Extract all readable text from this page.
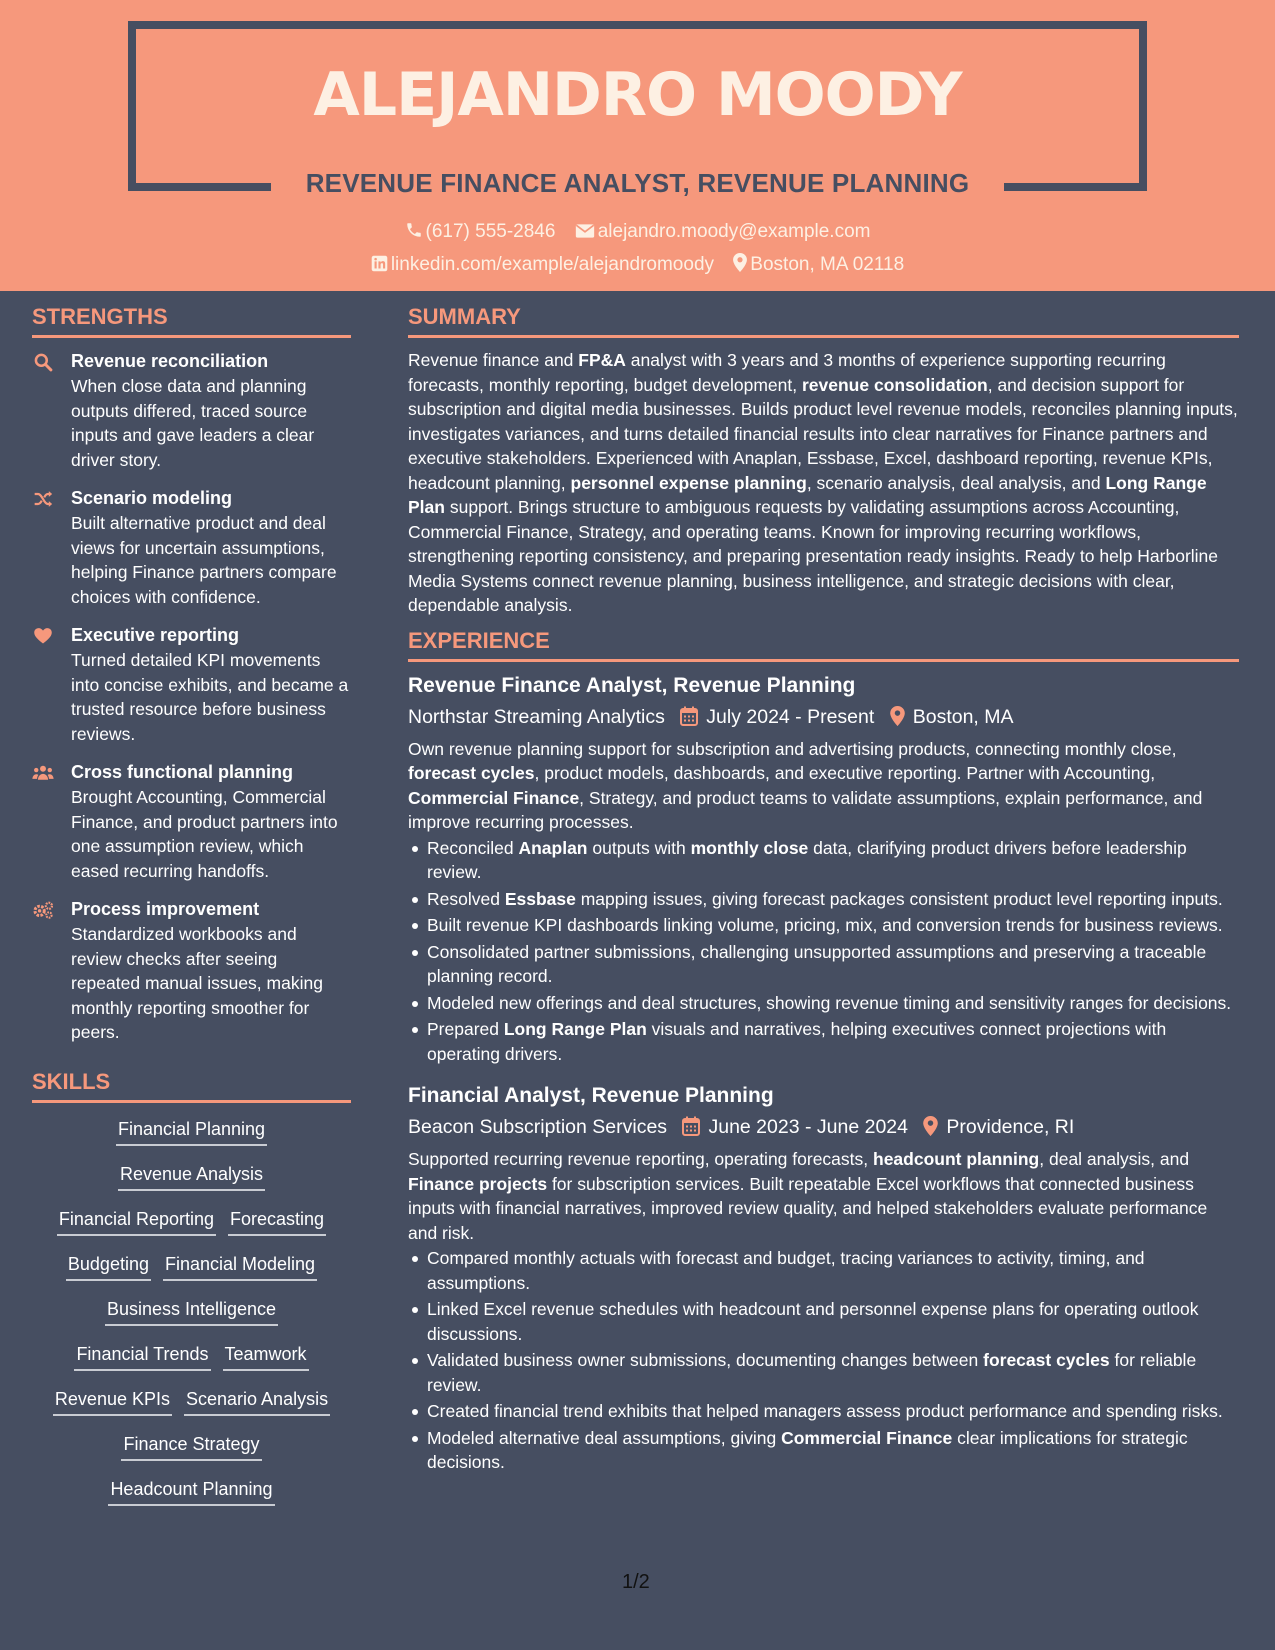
ALEJANDRO MOODY
REVENUE FINANCE ANALYST, REVENUE PLANNING
(617) 555-2846 alejandro.moody@example.com
linkedin.com/example/alejandromoody Boston, MA 02118
STRENGTHS
Revenue reconciliation
When close data and planning outputs differed, traced source inputs and gave leaders a clear driver story.
Scenario modeling
Built alternative product and deal views for uncertain assumptions, helping Finance partners compare choices with confidence.
Executive reporting
Turned detailed KPI movements into concise exhibits, and became a trusted resource before business reviews.
Cross functional planning
Brought Accounting, Commercial Finance, and product partners into one assumption review, which eased recurring handoffs.
Process improvement
Standardized workbooks and review checks after seeing repeated manual issues, making monthly reporting smoother for peers.
SKILLS
Financial Planning
Revenue Analysis
Financial Reporting Forecasting
Budgeting Financial Modeling
Business Intelligence
Financial Trends Teamwork
Revenue KPIs Scenario Analysis
Finance Strategy
Headcount Planning
SUMMARY

Revenue finance and FP&A analyst with 3 years and 3 months of experience supporting recurring forecasts, monthly reporting, budget development, revenue consolidation, and decision support for subscription and digital media businesses. Builds product level revenue models, reconciles planning inputs, investigates variances, and turns detailed financial results into clear narratives for Finance partners and executive stakeholders. Experienced with Anaplan, Essbase, Excel, dashboard reporting, revenue KPIs, headcount planning, personnel expense planning, scenario analysis, deal analysis, and Long Range Plan support. Brings structure to ambiguous requests by validating assumptions across Accounting, Commercial Finance, Strategy, and operating teams. Known for improving recurring workflows, strengthening reporting consistency, and preparing presentation ready insights. Ready to help Harborline Media Systems connect revenue planning, business intelligence, and strategic decisions with clear, dependable analysis.

EXPERIENCE
Revenue Finance Analyst, Revenue Planning
Northstar Streaming Analytics July 2024 - Present Boston, MA

Own revenue planning support for subscription and advertising products, connecting monthly close, forecast cycles, product models, dashboards, and executive reporting. Partner with Accounting, Commercial Finance, Strategy, and product teams to validate assumptions, explain performance, and improve recurring processes.

Reconciled Anaplan outputs with monthly close data, clarifying product drivers before leadership review.
Resolved Essbase mapping issues, giving forecast packages consistent product level reporting inputs.
Built revenue KPI dashboards linking volume, pricing, mix, and conversion trends for business reviews.
Consolidated partner submissions, challenging unsupported assumptions and preserving a traceable planning record.
Modeled new offerings and deal structures, showing revenue timing and sensitivity ranges for decisions.
Prepared Long Range Plan visuals and narratives, helping executives connect projections with operating drivers.
Financial Analyst, Revenue Planning
Beacon Subscription Services June 2023 - June 2024 Providence, RI

Supported recurring revenue reporting, operating forecasts, headcount planning, deal analysis, and Finance projects for subscription services. Built repeatable Excel workflows that connected business inputs with financial narratives, improved review quality, and helped stakeholders evaluate performance and risk.

Compared monthly actuals with forecast and budget, tracing variances to activity, timing, and assumptions.
Linked Excel revenue schedules with headcount and personnel expense plans for operating outlook discussions.
Validated business owner submissions, documenting changes between forecast cycles for reliable review.
Created financial trend exhibits that helped managers assess product performance and spending risks.
Modeled alternative deal assumptions, giving Commercial Finance clear implications for strategic decisions.
1/2
